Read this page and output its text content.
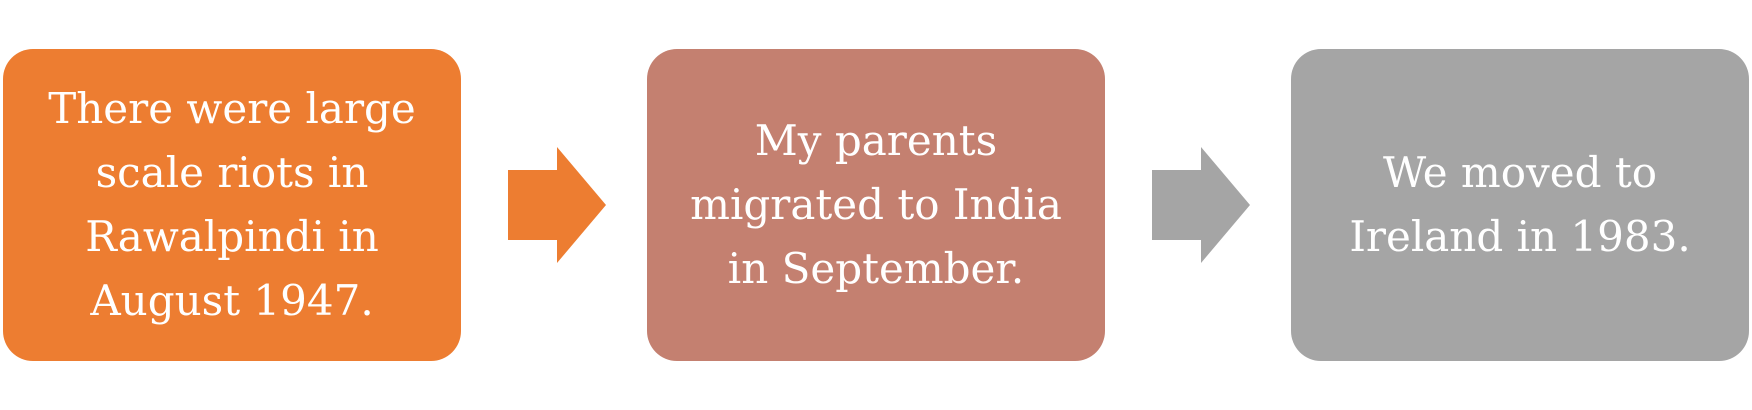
There were large
scale riots in
Rawalpindi in
August 1947.
My parents
migrated to India
in September.
We moved to
Ireland in 1983.
